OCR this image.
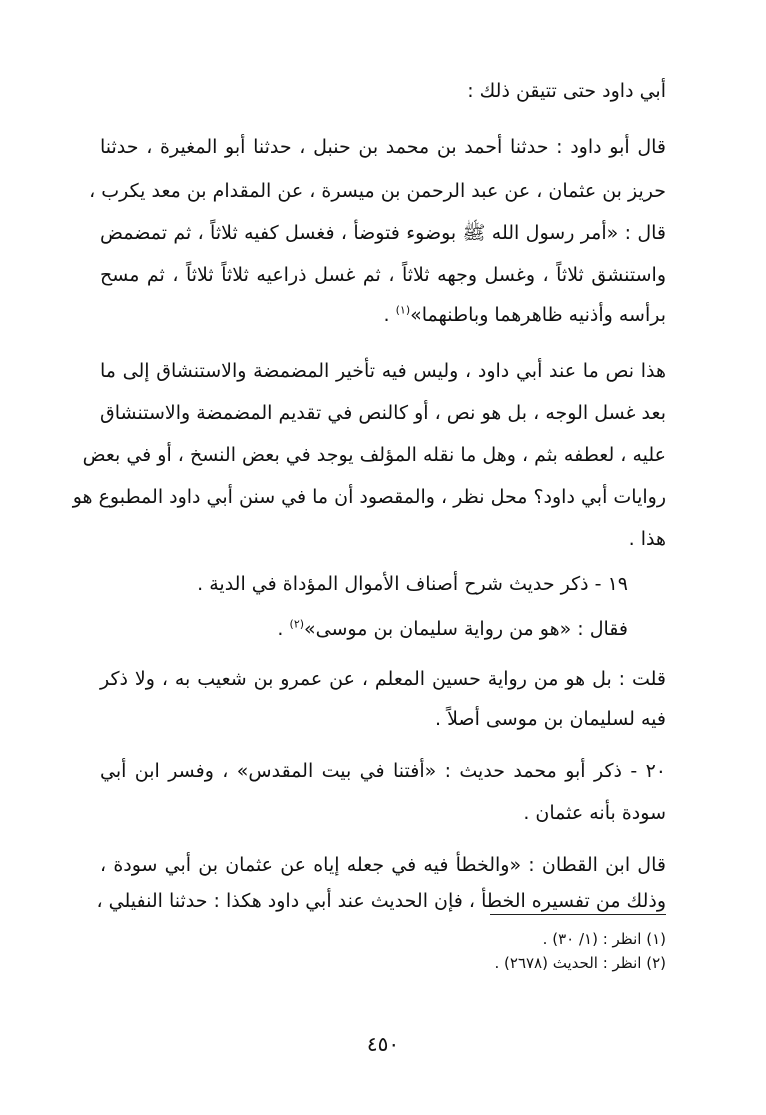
أبي داود حتى تتيقن ذلك :
قال أبو داود : حدثنا أحمد بن محمد بن حنبل ، حدثنا أبو المغيرة ، حدثنا
حريز بن عثمان ، عن عبد الرحمن بن ميسرة ، عن المقدام بن معد يكرب ،
قال : «أمر رسول الله ﷺ بوضوء فتوضأ ، فغسل كفيه ثلاثاً ، ثم تمضمض
واستنشق ثلاثاً ، وغسل وجهه ثلاثاً ، ثم غسل ذراعيه ثلاثاً ثلاثاً ، ثم مسح
برأسه وأذنيه ظاهرهما وباطنهما»$^{(١)}$ .
هذا نص ما عند أبي داود ، وليس فيه تأخير المضمضة والاستنشاق إلى ما
بعد غسل الوجه ، بل هو نص ، أو كالنص في تقديم المضمضة والاستنشاق
عليه ، لعطفه بثم ، وهل ما نقله المؤلف يوجد في بعض النسخ ، أو في بعض
روايات أبي داود؟ محل نظر ، والمقصود أن ما في سنن أبي داود المطبوع هو
هذا .
١٩ - ذكر حديث شرح أصناف الأموال المؤداة في الدية .
فقال : «هو من رواية سليمان بن موسى»$^{(٢)}$ .
قلت : بل هو من رواية حسين المعلم ، عن عمرو بن شعيب به ، ولا ذكر
فيه لسليمان بن موسى أصلاً .
٢٠ - ذكر أبو محمد حديث : «أفتنا في بيت المقدس» ، وفسر ابن أبي
سودة بأنه عثمان .
قال ابن القطان : «والخطأ فيه في جعله إياه عن عثمان بن أبي سودة ،
وذلك من تفسيره الخطأ ، فإن الحديث عند أبي داود هكذا : حدثنا النفيلي ،
(١) انظر : (١/ ٣٠) .
(٢) انظر : الحديث (٢٦٧٨) .
٤٥٠
